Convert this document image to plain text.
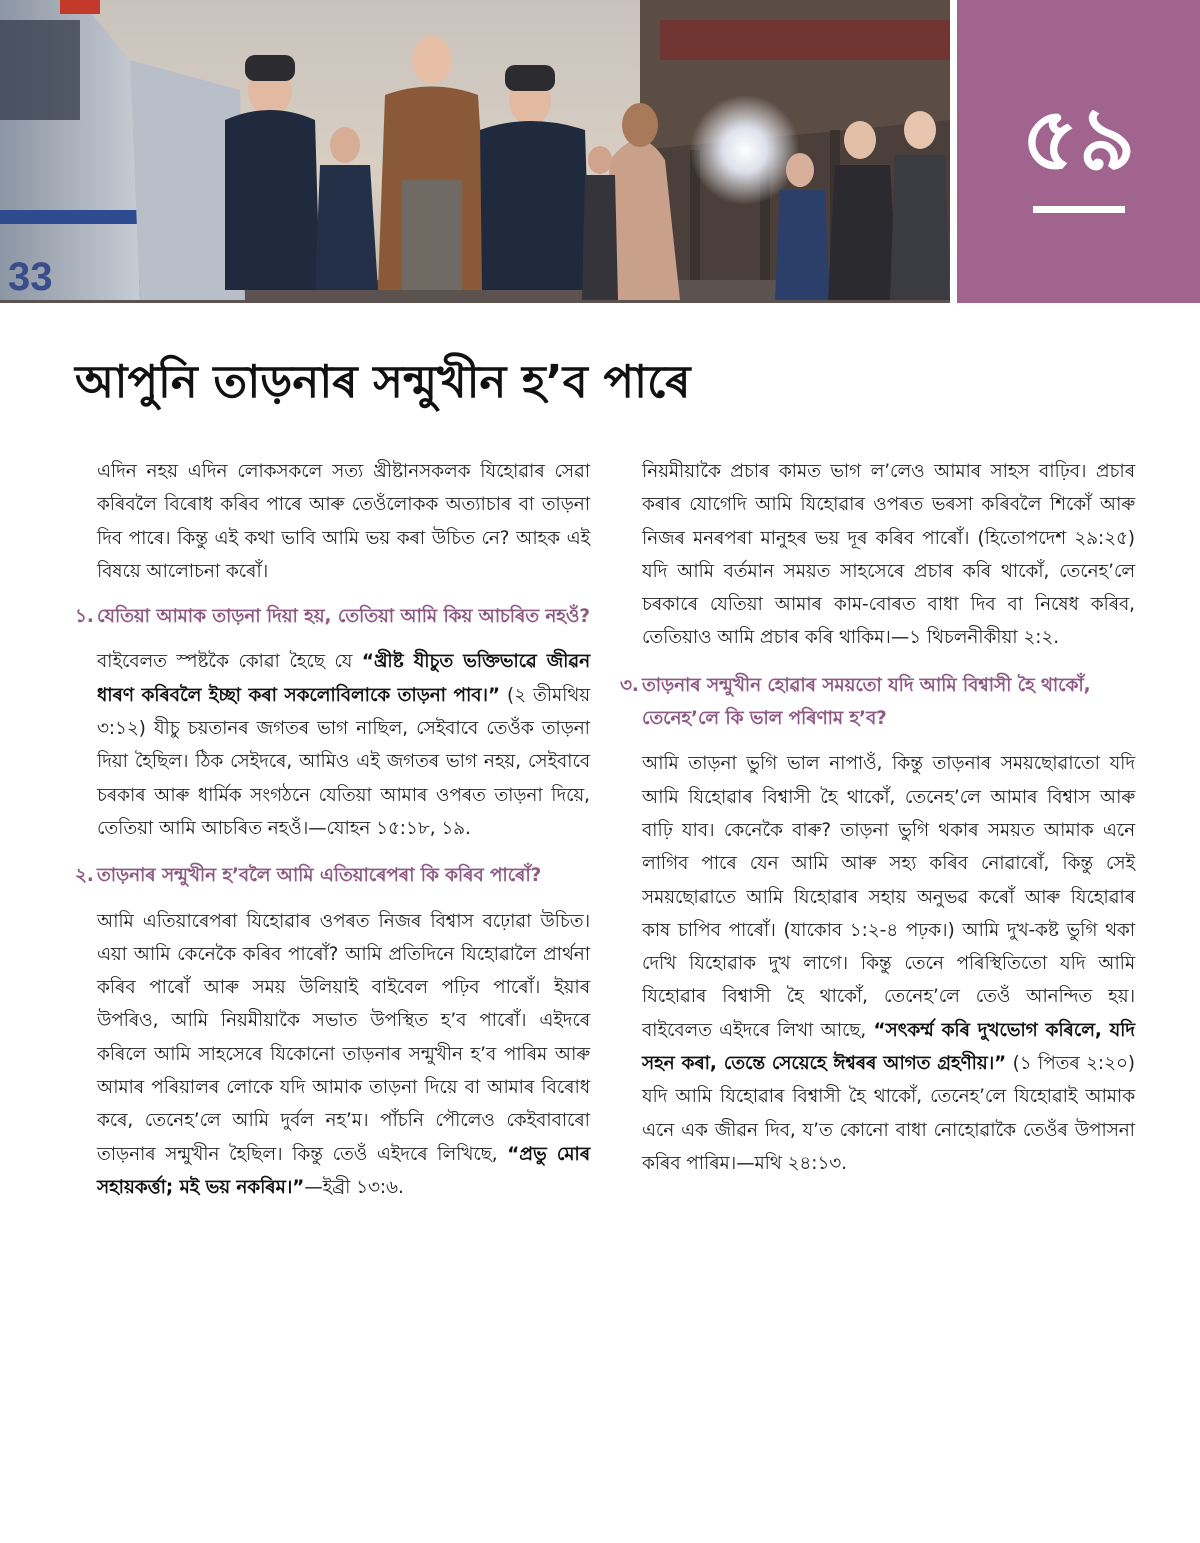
33
৫৯
আপুনি তাড়নাৰ সন্মুখীন হ’ব পাৰে

এদিন নহয় এদিন লোকসকলে সত্য খ্ৰীষ্টানসকলক যিহোৱাৰ সেৱা কৰিবলৈ বিৰোধ কৰিব পাৰে আৰু তেওঁলোকক অত্যাচাৰ বা তাড়না দিব পাৰে। কিন্তু এই কথা ভাবি আমি ভয় কৰা উচিত নে? আহক এই বিষয়ে আলোচনা কৰোঁ।

১. যেতিয়া আমাক তাড়না দিয়া হয়, তেতিয়া আমি কিয় আচৰিত নহওঁ?

বাইবেলত স্পষ্টকৈ কোৱা হৈছে যে “খ্ৰীষ্ট যীচুত ভক্তিভাৱে জীৱন ধাৰণ কৰিবলৈ ইচ্ছা কৰা সকলোবিলাকে তাড়না পাব।” (২ তীমথিয় ৩:১২) যীচু চয়তানৰ জগতৰ ভাগ নাছিল, সেইবাবে তেওঁক তাড়না দিয়া হৈছিল। ঠিক সেইদৰে, আমিও এই জগতৰ ভাগ নহয়, সেইবাবে চৰকাৰ আৰু ধাৰ্মিক সংগঠনে যেতিয়া আমাৰ ওপৰত তাড়না দিয়ে, তেতিয়া আমি আচৰিত নহওঁ।—যোহন ১৫:১৮, ১৯.

২. তাড়নাৰ সন্মুখীন হ’বলৈ আমি এতিয়াৰেপৰা কি কৰিব পাৰোঁ?

আমি এতিয়াৰেপৰা যিহোৱাৰ ওপৰত নিজৰ বিশ্বাস বঢ়োৱা উচিত। এয়া আমি কেনেকৈ কৰিব পাৰোঁ? আমি প্ৰতিদিনে যিহোৱালৈ প্ৰাৰ্থনা কৰিব পাৰোঁ আৰু সময় উলিয়াই বাইবেল পঢ়িব পাৰোঁ। ইয়াৰ উপৰিও, আমি নিয়মীয়াকৈ সভাত উপস্থিত হ’ব পাৰোঁ। এইদৰে কৰিলে আমি সাহসেৰে যিকোনো তাড়নাৰ সন্মুখীন হ’ব পাৰিম আৰু আমাৰ পৰিয়ালৰ লোকে যদি আমাক তাড়না দিয়ে বা আমাৰ বিৰোধ কৰে, তেনেহ’লে আমি দুৰ্বল নহ’ম। পাঁচনি পৌলেও কেইবাবাৰো তাড়নাৰ সন্মুখীন হৈছিল। কিন্তু তেওঁ এইদৰে লিখিছে, “প্ৰভু মোৰ সহায়কৰ্ত্তা; মই ভয় নকৰিম।”—ইব্ৰী ১৩:৬.

নিয়মীয়াকৈ প্ৰচাৰ কামত ভাগ ল’লেও আমাৰ সাহস বাঢ়িব। প্ৰচাৰ কৰাৰ যোগেদি আমি যিহোৱাৰ ওপৰত ভৰসা কৰিবলৈ শিকোঁ আৰু নিজৰ মনৰপৰা মানুহৰ ভয় দূৰ কৰিব পাৰোঁ। (হিতোপদেশ ২৯:২৫) যদি আমি বৰ্তমান সময়ত সাহসেৰে প্ৰচাৰ কৰি থাকোঁ, তেনেহ’লে চৰকাৰে যেতিয়া আমাৰ কাম-বোৰত বাধা দিব বা নিষেধ কৰিব, তেতিয়াও আমি প্ৰচাৰ কৰি থাকিম।—১ থিচলনীকীয়া ২:২.

৩. তাড়নাৰ সন্মুখীন হোৱাৰ সময়তো যদি আমি বিশ্বাসী হৈ থাকোঁ, তেনেহ’লে কি ভাল পৰিণাম হ’ব?

আমি তাড়না ভুগি ভাল নাপাওঁ, কিন্তু তাড়নাৰ সময়ছোৱাতো যদি আমি যিহোৱাৰ বিশ্বাসী হৈ থাকোঁ, তেনেহ’লে আমাৰ বিশ্বাস আৰু বাঢ়ি যাব। কেনেকৈ বাৰু? তাড়না ভুগি থকাৰ সময়ত আমাক এনে লাগিব পাৰে যেন আমি আৰু সহ্য কৰিব নোৱাৰোঁ, কিন্তু সেই সময়ছোৱাতে আমি যিহোৱাৰ সহায় অনুভৱ কৰোঁ আৰু যিহোৱাৰ কাষ চাপিব পাৰোঁ। (যাকোব ১:২-৪ পঢ়ক।) আমি দুখ-কষ্ট ভুগি থকা দেখি যিহোৱাক দুখ লাগে। কিন্তু তেনে পৰিস্থিতিতো যদি আমি যিহোৱাৰ বিশ্বাসী হৈ থাকোঁ, তেনেহ’লে তেওঁ আনন্দিত হয়। বাইবেলত এইদৰে লিখা আছে, “সৎকৰ্ম্ম কৰি দুখভোগ কৰিলে, যদি সহন কৰা, তেন্তে সেয়েহে ঈশ্বৰৰ আগত গ্ৰহণীয়।” (১ পিতৰ ২:২০) যদি আমি যিহোৱাৰ বিশ্বাসী হৈ থাকোঁ, তেনেহ’লে যিহোৱাই আমাক এনে এক জীৱন দিব, য’ত কোনো বাধা নোহোৱাকৈ তেওঁৰ উপাসনা কৰিব পাৰিম।—মথি ২৪:১৩.
